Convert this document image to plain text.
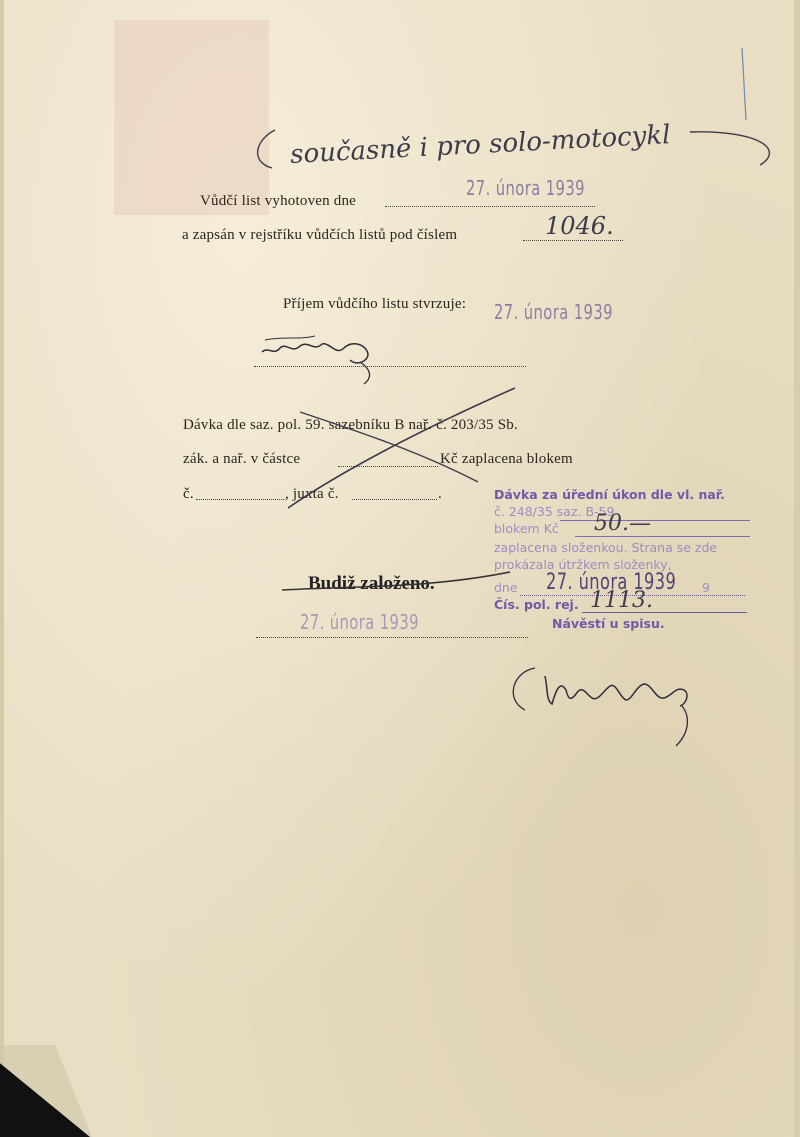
současně i pro solo-motocykl
Vůdčí list vyhotoven dne
27. února 1939
a zapsán v rejstříku vůdčích listů pod číslem	1046.
Příjem vůdčího listu stvrzuje: 27. února 1939
Dávka dle saz. pol. 59. sazebníku B nař. č. 203/35 Sb.
zák. a nař. v částce	Kč zaplacena blokem
č.	, juxta č.	.	Dávka za úřední úkon dle vl. nař.
č. 248/35 saz. B-59
blokem Kč 50.—
zaplacena složenkou. Strana se zde
prokázala útržkem složenky,
dne 27. února 1939 9
Čís. pol. rej. 1113.
Návěstí u spisu.
Budiž založeno.
27. února 1939
